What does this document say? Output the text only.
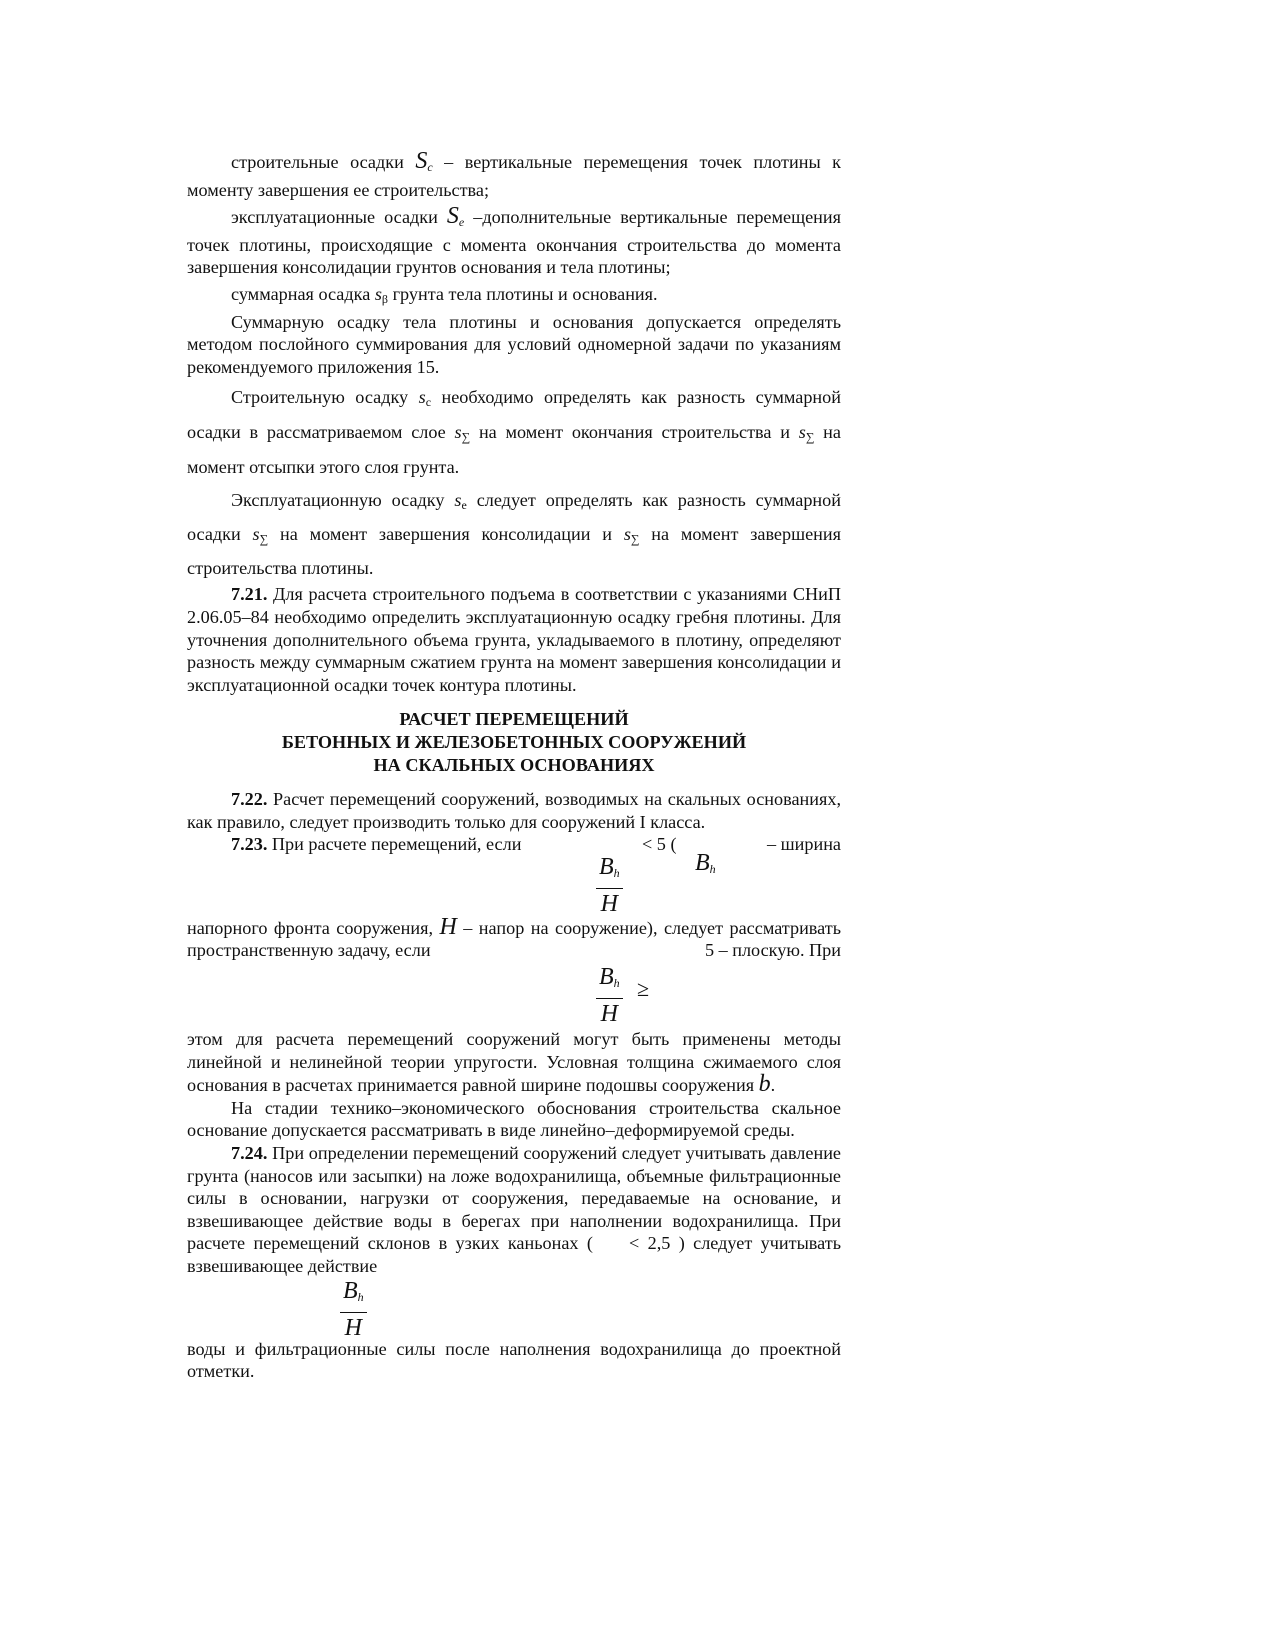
строительные осадки Sc – вертикальные перемещения точек плотины к моменту завершения ее строительства;

эксплуатационные осадки Se –дополнительные вертикальные перемещения точек плотины, происходящие с момента окончания строительства до момента завершения консолидации грунтов основания и тела плотины;

суммарная осадка $s_\beta$ грунта тела плотины и основания.

Суммарную осадку тела плотины и основания допускается определять методом послойного суммирования для условий одномерной задачи по указаниям рекомендуемого приложения 15.

Строительную осадку $s_c$ необходимо определять как разность суммарной осадки в рассматриваемом слое $s_\sum$ на момент окончания строительства и $s_\sum$ на момент отсыпки этого слоя грунта.

Эксплуатационную осадку $s_e$ следует определять как разность суммарной осадки $s_\sum$ на момент завершения консолидации и $s_\sum$ на момент завершения строительства плотины.

7.21. Для расчета строительного подъема в соответствии с указаниями СНиП 2.06.05–84 необходимо определить эксплуатационную осадку гребня плотины. Для уточнения дополнительного объема грунта, укладываемого в плотину, определяют разность между суммарным сжатием грунта на момент завершения консолидации и эксплуатационной осадки точек контура плотины.

РАСЧЕТ ПЕРЕМЕЩЕНИЙ
БЕТОННЫХ И ЖЕЛЕЗОБЕТОННЫХ СООРУЖЕНИЙ
НА СКАЛЬНЫХ ОСНОВАНИЯХ

7.22. Расчет перемещений сооружений, возводимых на скальных основаниях, как правило, следует производить только для сооружений I класса.

7.23. При расчете перемещений, если	< 5 (	– ширина
$\frac{Bh}{H}$	Bh

напорного фронта сооружения, H – напор на сооружение), следует рассматривать пространственную задачу, если	5 – плоскую. При
$\frac{Bh}{H}$ ≥

этом для расчета перемещений сооружений могут быть применены методы линейной и нелинейной теории упругости. Условная толщина сжимаемого слоя основания в расчетах принимается равной ширине подошвы сооружения b.

На стадии технико–экономического обоснования строительства скальное основание допускается рассматривать в виде линейно–деформируемой среды.

7.24. При определении перемещений сооружений следует учитывать давление грунта (наносов или засыпки) на ложе водохранилища, объемные фильтрационные силы в основании, нагрузки от сооружения, передаваемые на основание, и взвешивающее действие воды в берегах при наполнении водохранилища. При расчете перемещений склонов в узких каньонах ( < 2,5 ) следует учитывать взвешивающее действие

$\frac{Bh}{H}$

воды и фильтрационные силы после наполнения водохранилища до проектной отметки.
